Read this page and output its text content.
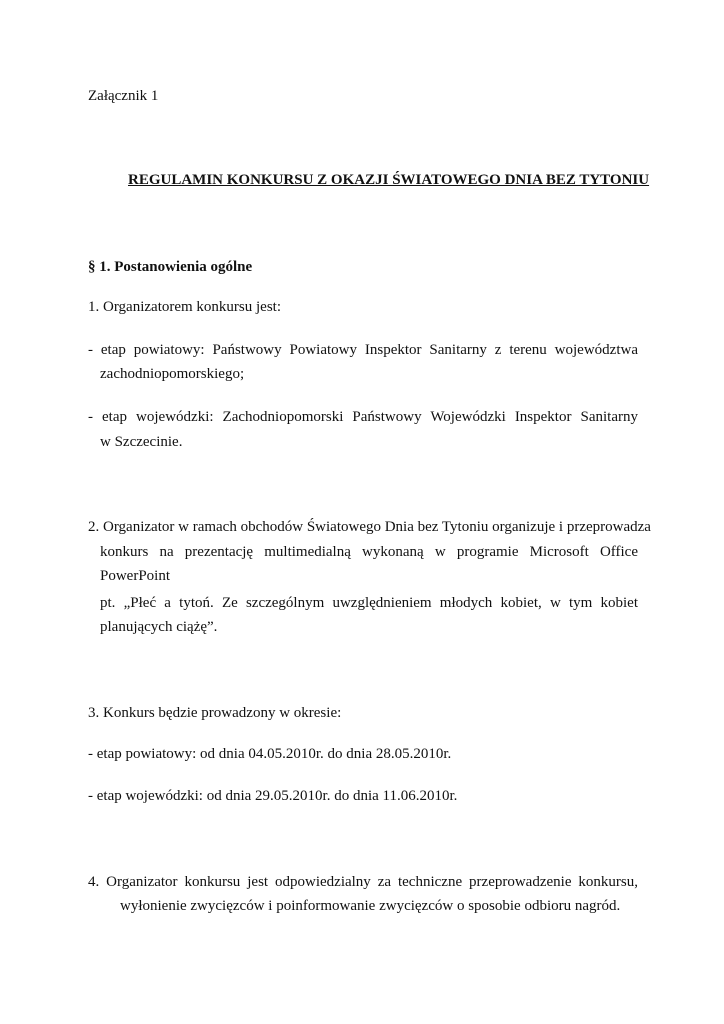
Załącznik 1
REGULAMIN KONKURSU Z OKAZJI ŚWIATOWEGO DNIA BEZ TYTONIU
§ 1. Postanowienia ogólne
1. Organizatorem konkursu jest:
- etap powiatowy: Państwowy Powiatowy Inspektor Sanitarny z terenu województwa
zachodniopomorskiego;
- etap wojewódzki: Zachodniopomorski Państwowy Wojewódzki Inspektor Sanitarny
w Szczecinie.
2. Organizator w ramach obchodów Światowego Dnia bez Tytoniu organizuje i przeprowadza
konkurs na prezentację multimedialną wykonaną w programie Microsoft Office
PowerPoint
pt. „Płeć a tytoń. Ze szczególnym uwzględnieniem młodych kobiet, w tym kobiet
planujących ciążę”.
3. Konkurs będzie prowadzony w okresie:
- etap powiatowy: od dnia 04.05.2010r. do dnia 28.05.2010r.
- etap wojewódzki: od dnia 29.05.2010r. do dnia 11.06.2010r.
4. Organizator konkursu jest odpowiedzialny za techniczne przeprowadzenie konkursu,
wyłonienie zwycięzców i poinformowanie zwycięzców o sposobie odbioru nagród.
